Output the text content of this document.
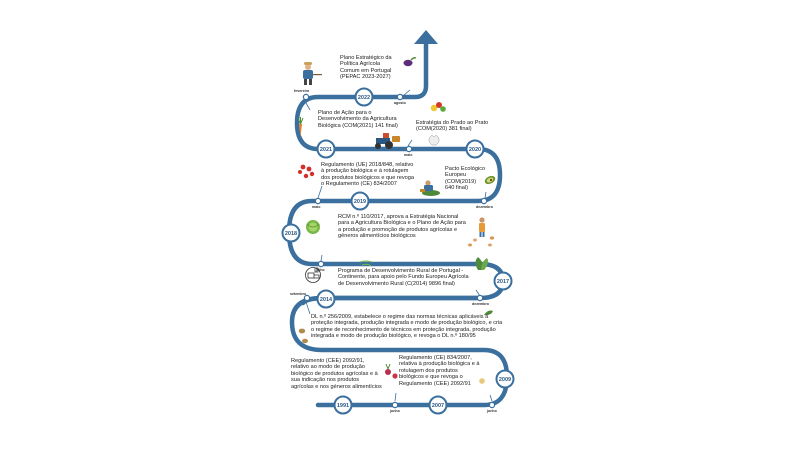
2022
2021	2020
2019
2018
2017
2014
2009
2007
1991
fevereiro
agosto
maio
dezembro
maio
julho
dezembro
setembro
junho
junho
Plano Estratégico da
Política Agrícola
Comum em Portugal
(PEPAC 2023-2027)
Plano de Ação para o
Desenvolvimento da Agricultura
Biológica (COM(2021) 141 final)	Estratégia do Prado ao Prato
(COM(2020) 381 final)
Regulamento (UE) 2018/848, relativo
à produção biológica e à rotulagem
dos produtos biológicos e que revoga
o Regulamento (CE) 834/2007
Pacto Ecológico
Europeu
(COM(2019)
640 final)
RCM n.º 110/2017, aprova a Estratégia Nacional
para a Agricultura Biológica e o Plano de Ação para
a produção e promoção de produtos agrícolas e
géneros alimentícios biológicos
Programa de Desenvolvimento Rural de Portugal -
Continente, para apoio pelo Fundo Europeu Agrícola
de Desenvolvimento Rural (C(2014) 9896 final)
DL n.º 256/2009, estabelece o regime das normas técnicas aplicáveis à
proteção integrada, produção integrada e modo de produção biológico, e cria
o regime de reconhecimento de técnicos em proteção integrada, produção
integrada e modo de produção biológico, e revoga o DL n.º 180/95
Regulamento (CEE) 2092/91,
relativo ao modo de produção
biológico de produtos agrícolas e à
sua indicação nos produtos
agrícolas e nos géneros alimentícios
Regulamento (CE) 834/2007,
relativa à produção biológica e à
rotulagem dos produtos
biológicos e que revoga o
Regulamento (CEE) 2092/91
